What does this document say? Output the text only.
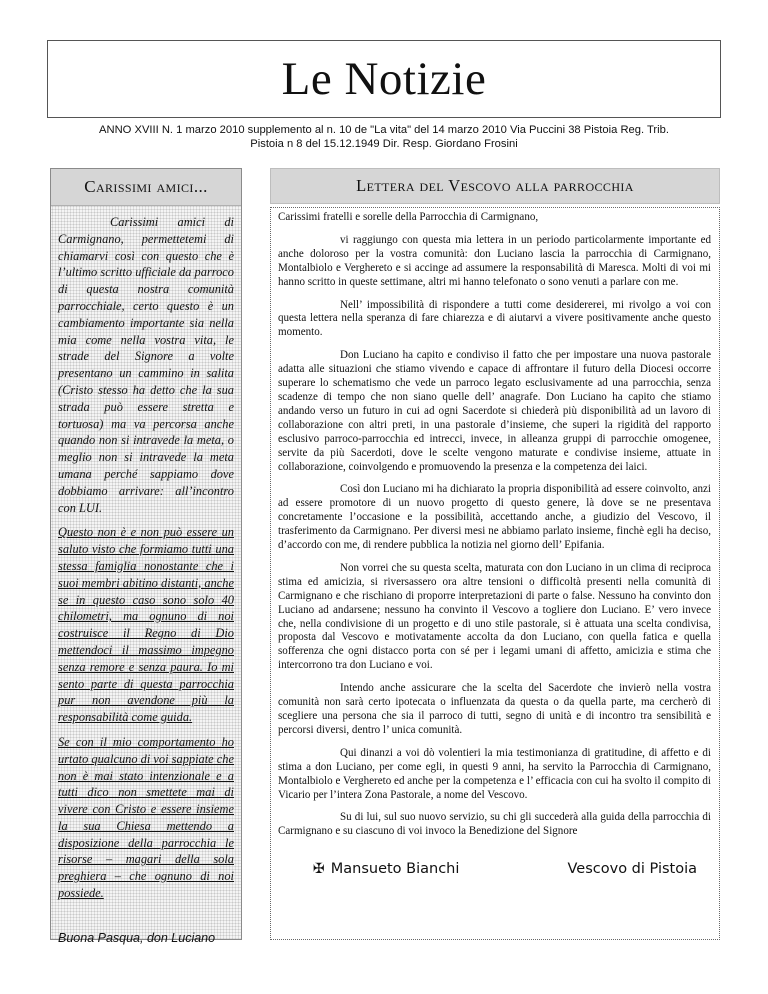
Le Notizie
ANNO XVIII N. 1 marzo 2010 supplemento al n. 10 de "La vita" del 14 marzo 2010 Via Puccini 38 Pistoia Reg. Trib.
Pistoia n 8 del 15.12.1949 Dir. Resp. Giordano Frosini
Carissimi amici...

Carissimi amici di Carmignano, permettetemi di chiamarvi così con questo che è l’ultimo scritto ufficiale da parroco di questa nostra comunità parrocchiale, certo questo è un cambiamento importante sia nella mia come nella vostra vita, le strade del Signore a volte presentano un cammino in salita (Cristo stesso ha detto che la sua strada può essere stretta e tortuosa) ma va percorsa anche quando non si intravede la meta, o meglio non si intravede la meta umana perché sappiamo dove dobbiamo arrivare: all’incontro con LUI.

Questo non è e non può essere un saluto visto che formiamo tutti una stessa famiglia nonostante che i suoi membri abitino distanti, anche se in questo caso sono solo 40 chilometri, ma ognuno di noi costruisce il Regno di Dio mettendoci il massimo impegno senza remore e senza paura. Io mi sento parte di questa parrocchia pur non avendone più la responsabilità come guida.

Se con il mio comportamento ho urtato qualcuno di voi sappiate che non è mai stato intenzionale e a tutti dico non smettete mai di vivere con Cristo e essere insieme la sua Chiesa mettendo a disposizione della parrocchia le risorse – magari della sola preghiera – che ognuno di noi possiede.

Buona Pasqua, don Luciano
Lettera del Vescovo alla parrocchia

Carissimi fratelli e sorelle della Parrocchia di Carmignano,

vi raggiungo con questa mia lettera in un periodo particolarmente importante ed anche doloroso per la vostra comunità: don Luciano lascia la parrocchia di Carmignano, Montalbiolo e Verghereto e si accinge ad assumere la responsabilità di Maresca. Molti di voi mi hanno scritto in queste settimane, altri mi hanno telefonato o sono venuti a parlare con me.

Nell’ impossibilità di rispondere a tutti come desidererei, mi rivolgo a voi con questa lettera nella speranza di fare chiarezza e di aiutarvi a vivere positivamente anche questo momento.

Don Luciano ha capito e condiviso il fatto che per impostare una nuova pastorale adatta alle situazioni che stiamo vivendo e capace di affrontare il futuro della Diocesi occorre superare lo schematismo che vede un parroco legato esclusivamente ad una parrocchia, senza scadenze di tempo che non siano quelle dell’ anagrafe. Don Luciano ha capito che stiamo andando verso un futuro in cui ad ogni Sacerdote si chiederà più disponibilità ad un lavoro di collaborazione con altri preti, in una pastorale d’insieme, che superi la rigidità del rapporto esclusivo parroco-parrocchia ed intrecci, invece, in alleanza gruppi di parrocchie omogenee, servite da più Sacerdoti, dove le scelte vengono maturate e condivise insieme, attuate in collaborazione, coinvolgendo e promuovendo la presenza e la competenza dei laici.

Così don Luciano mi ha dichiarato la propria disponibilità ad essere coinvolto, anzi ad essere promotore di un nuovo progetto di questo genere, là dove se ne presentava concretamente l’occasione e la possibilità, accettando anche, a giudizio del Vescovo, il trasferimento da Carmignano. Per diversi mesi ne abbiamo parlato insieme, finchè egli ha deciso, d’accordo con me, di rendere pubblica la notizia nel giorno dell’ Epifania.

Non vorrei che su questa scelta, maturata con don Luciano in un clima di reciproca stima ed amicizia, si riversassero ora altre tensioni o difficoltà presenti nella comunità di Carmignano e che rischiano di proporre interpretazioni di parte o false. Nessuno ha convinto don Luciano ad andarsene; nessuno ha convinto il Vescovo a togliere don Luciano. E’ vero invece che, nella condivisione di un progetto e di uno stile pastorale, si è attuata una scelta condivisa, proposta dal Vescovo e motivatamente accolta da don Luciano, con quella fatica e quella sofferenza che ogni distacco porta con sé per i legami umani di affetto, amicizia e stima che intercorrono tra don Luciano e voi.

Intendo anche assicurare che la scelta del Sacerdote che invierò nella vostra comunità non sarà certo ipotecata o influenzata da questa o da quella parte, ma cercherò di scegliere una persona che sia il parroco di tutti, segno di unità e di incontro tra sensibilità e percorsi diversi, dentro l’ unica comunità.

Qui dinanzi a voi dò volentieri la mia testimonianza di gratitudine, di affetto e di stima a don Luciano, per come egli, in questi 9 anni, ha servito la Parrocchia di Carmignano, Montalbiolo e Verghereto ed anche per la competenza e l’ efficacia con cui ha svolto il compito di Vicario per l’intera Zona Pastorale, a nome del Vescovo.

Su di lui, sul suo nuovo servizio, su chi gli succederà alla guida della parrocchia di Carmignano e su ciascuno di voi invoco la Benedizione del Signore

✠ Mansueto Bianchi	Vescovo di Pistoia
